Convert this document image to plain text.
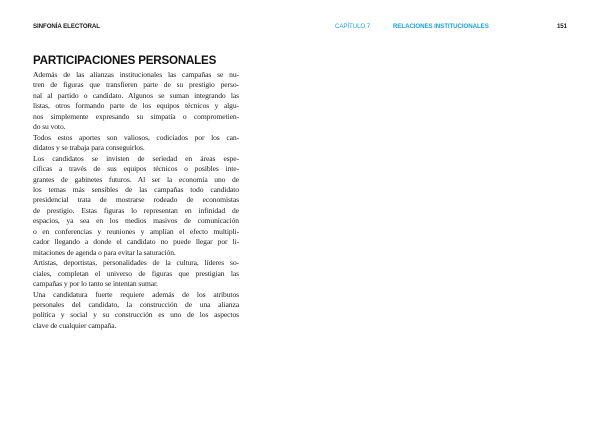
SINFONÍA ELECTORAL	CAPÍTULO 7	RELACIONES INSTITUCIONALES	151
PARTICIPACIONES PERSONALES

Además de las alianzas institucionales las campañas se nu-
tren de figuras que transfieren parte de su prestigio perso-
nal al partido o candidato. Algunos se suman integrando las
listas, otros formando parte de los equipos técnicos y algu-
nos simplemente expresando su simpatía o comprometien-
do su voto.

Todos estos aportes son valiosos, codiciados por los can-
didatos y se trabaja para conseguirlos.

Los candidatos se invisten de seriedad en áreas espe-
cíficas a través de sus equipos técnicos o posibles inte-
grantes de gabinetes futuros. Al ser la economía uno de
los temas más sensibles de las campañas todo candidato
presidencial trata de mostrarse rodeado de economistas
de prestigio. Estas figuras lo representan en infinidad de
espacios, ya sea en los medios masivos de comunicación
o en conferencias y reuniones y amplían el efecto multipli-
cador llegando a donde el candidato no puede llegar por li-
mitaciones de agenda o para evitar la saturación.

Artistas, deportistas, personalidades de la cultura, líderes so-
ciales, completan el universo de figuras que prestigian las
campañas y por lo tanto se intentan sumar.

Una candidatura fuerte requiere además de los atributos
personales del candidato, la construcción de una alianza
política y social y su construcción es uno de los aspectos
clave de cualquier campaña.
